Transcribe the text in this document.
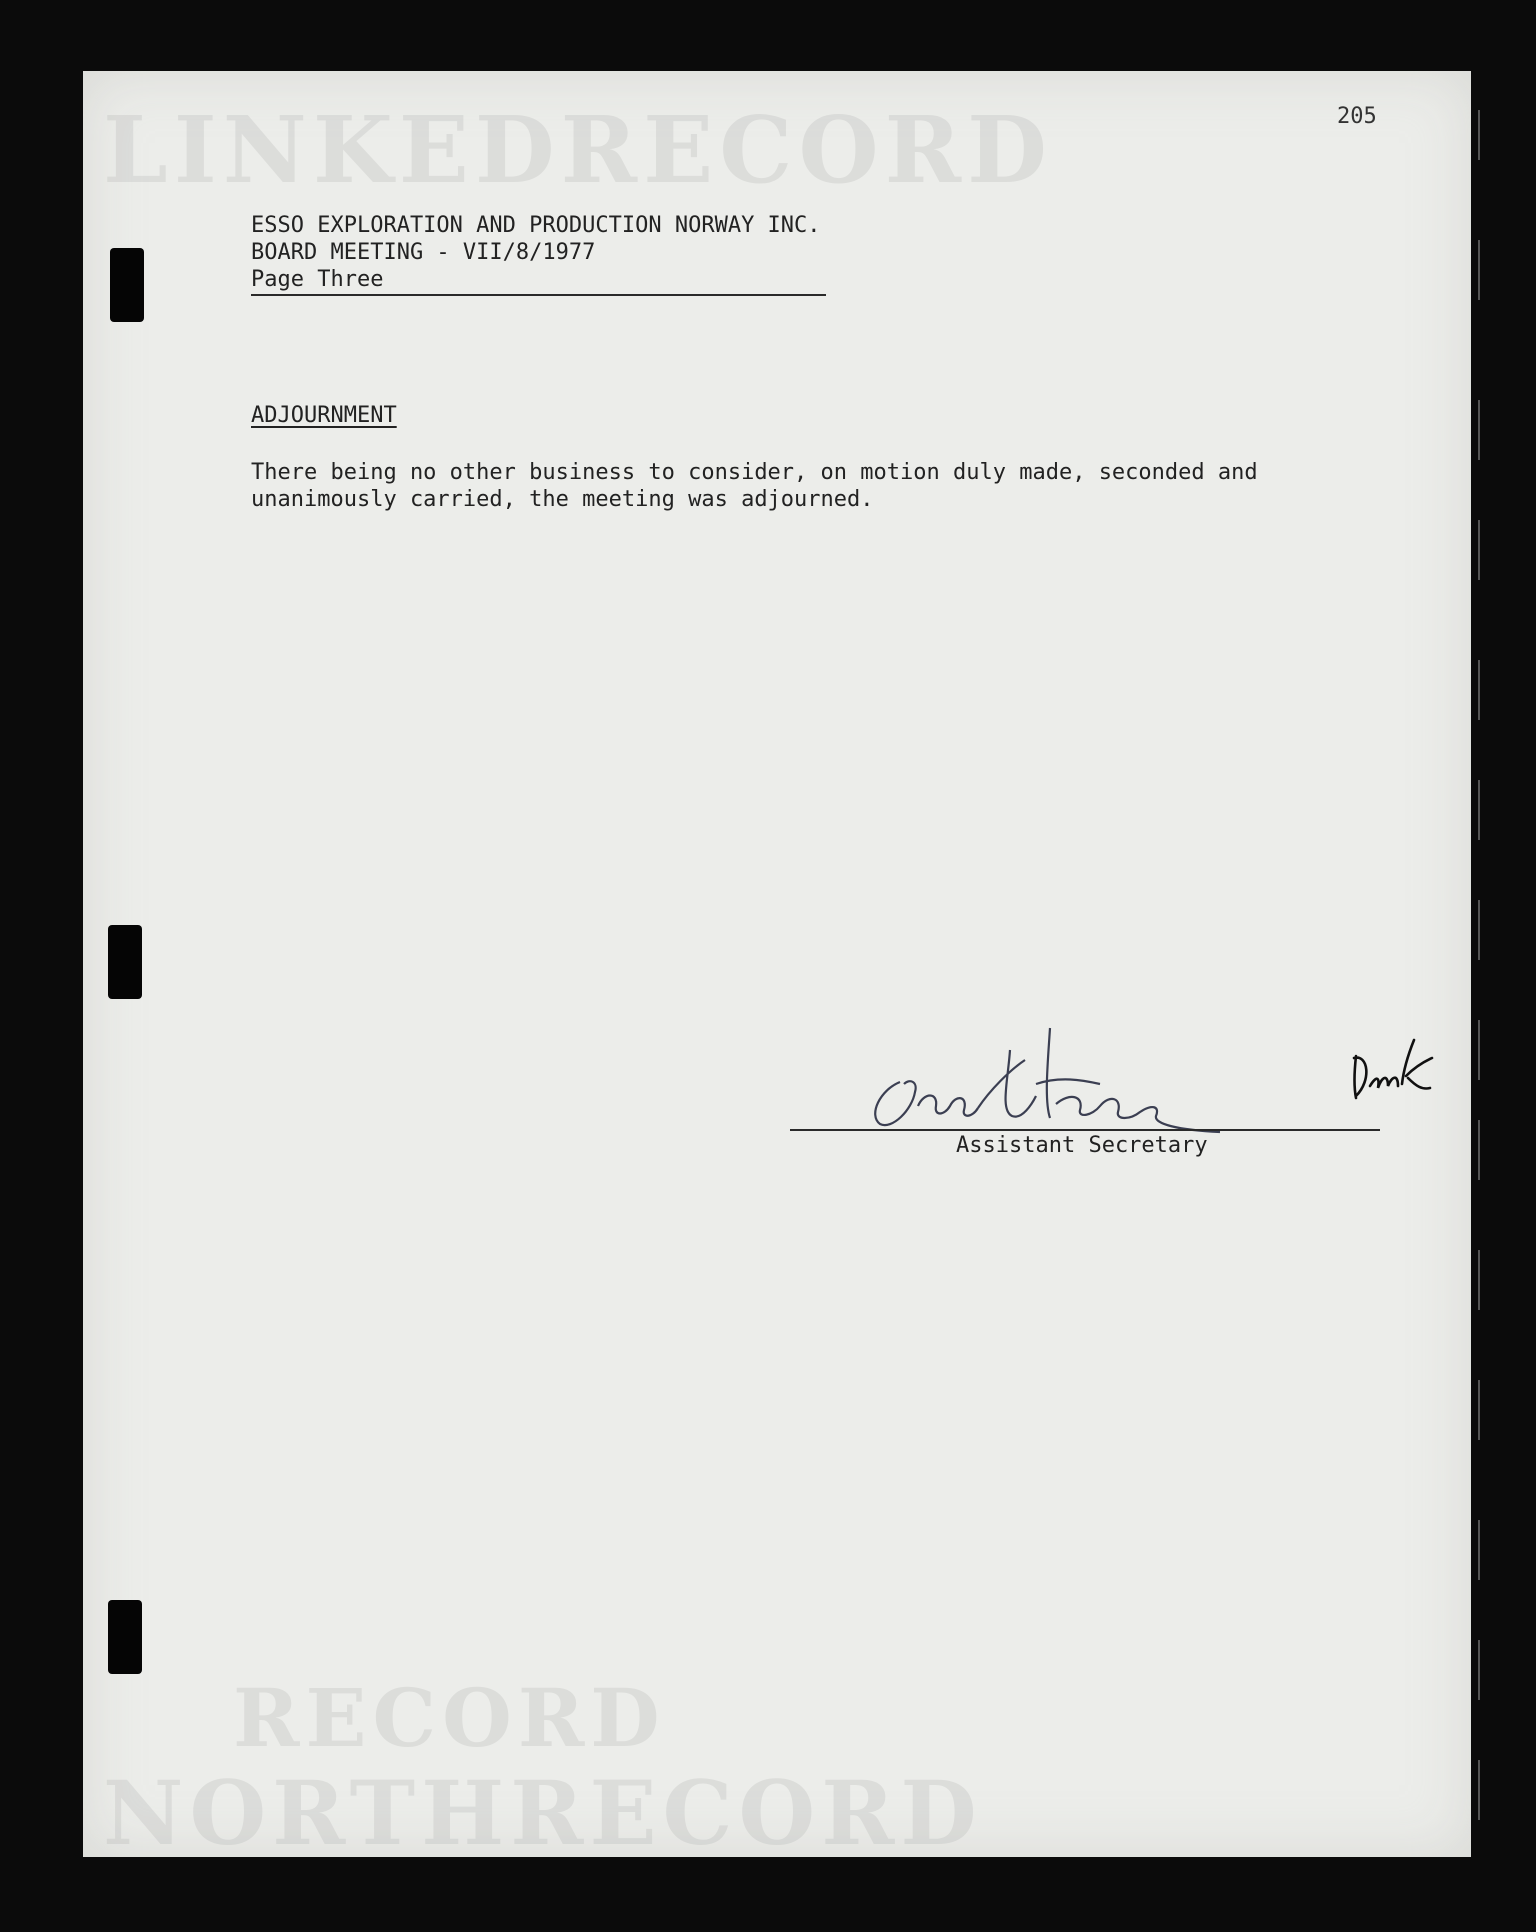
LINKEDRECORD
RECORD
NORTHRECORD
205
ESSO EXPLORATION AND PRODUCTION NORWAY INC.
BOARD MEETING - VII/8/1977
Page Three
ADJOURNMENT
There being no other business to consider, on motion duly made, seconded and
unanimously carried, the meeting was adjourned.
Assistant Secretary
